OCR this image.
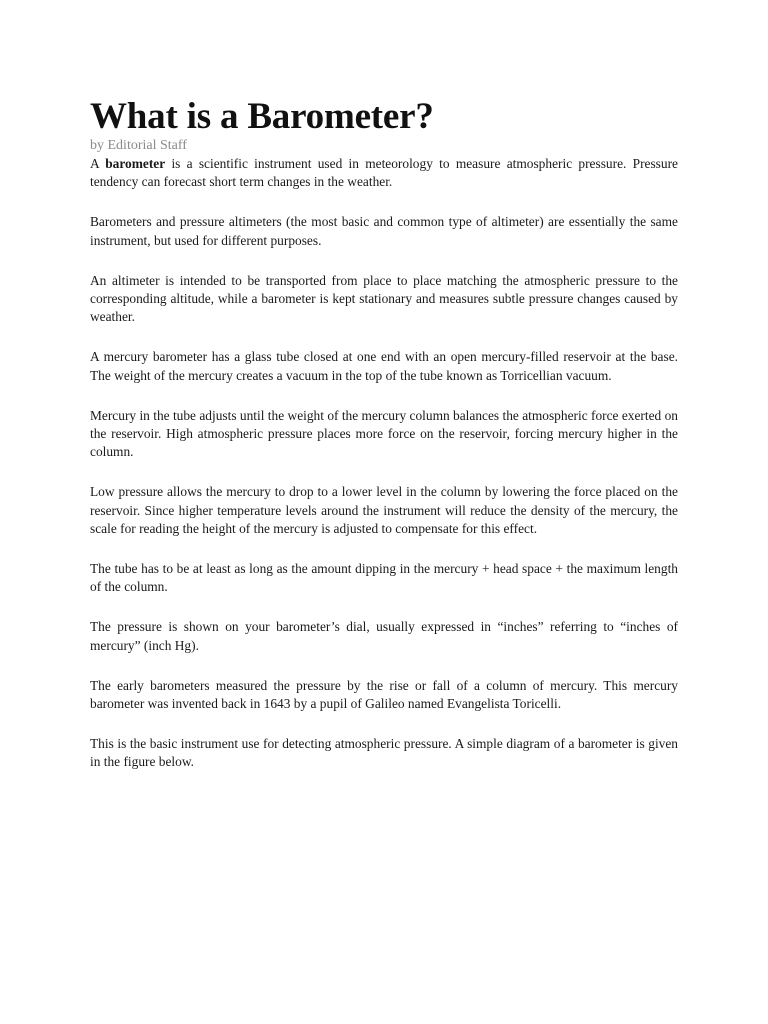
What is a Barometer?

by Editorial Staff

A barometer is a scientific instrument used in meteorology to measure atmospheric pressure. Pressure tendency can forecast short term changes in the weather.

Barometers and pressure altimeters (the most basic and common type of altimeter) are essentially the same instrument, but used for different purposes.

An altimeter is intended to be transported from place to place matching the atmospheric pressure to the corresponding altitude, while a barometer is kept stationary and measures subtle pressure changes caused by weather.

A mercury barometer has a glass tube closed at one end with an open mercury-filled reservoir at the base. The weight of the mercury creates a vacuum in the top of the tube known as Torricellian vacuum.

Mercury in the tube adjusts until the weight of the mercury column balances the atmospheric force exerted on the reservoir. High atmospheric pressure places more force on the reservoir, forcing mercury higher in the column.

Low pressure allows the mercury to drop to a lower level in the column by lowering the force placed on the reservoir. Since higher temperature levels around the instrument will reduce the density of the mercury, the scale for reading the height of the mercury is adjusted to compensate for this effect.

The tube has to be at least as long as the amount dipping in the mercury + head space + the maximum length of the column.

The pressure is shown on your barometer’s dial, usually expressed in “inches” referring to “inches of mercury” (inch Hg).

The early barometers measured the pressure by the rise or fall of a column of mercury. This mercury barometer was invented back in 1643 by a pupil of Galileo named Evangelista Toricelli.

This is the basic instrument use for detecting atmospheric pressure. A simple diagram of a barometer is given in the figure below.
